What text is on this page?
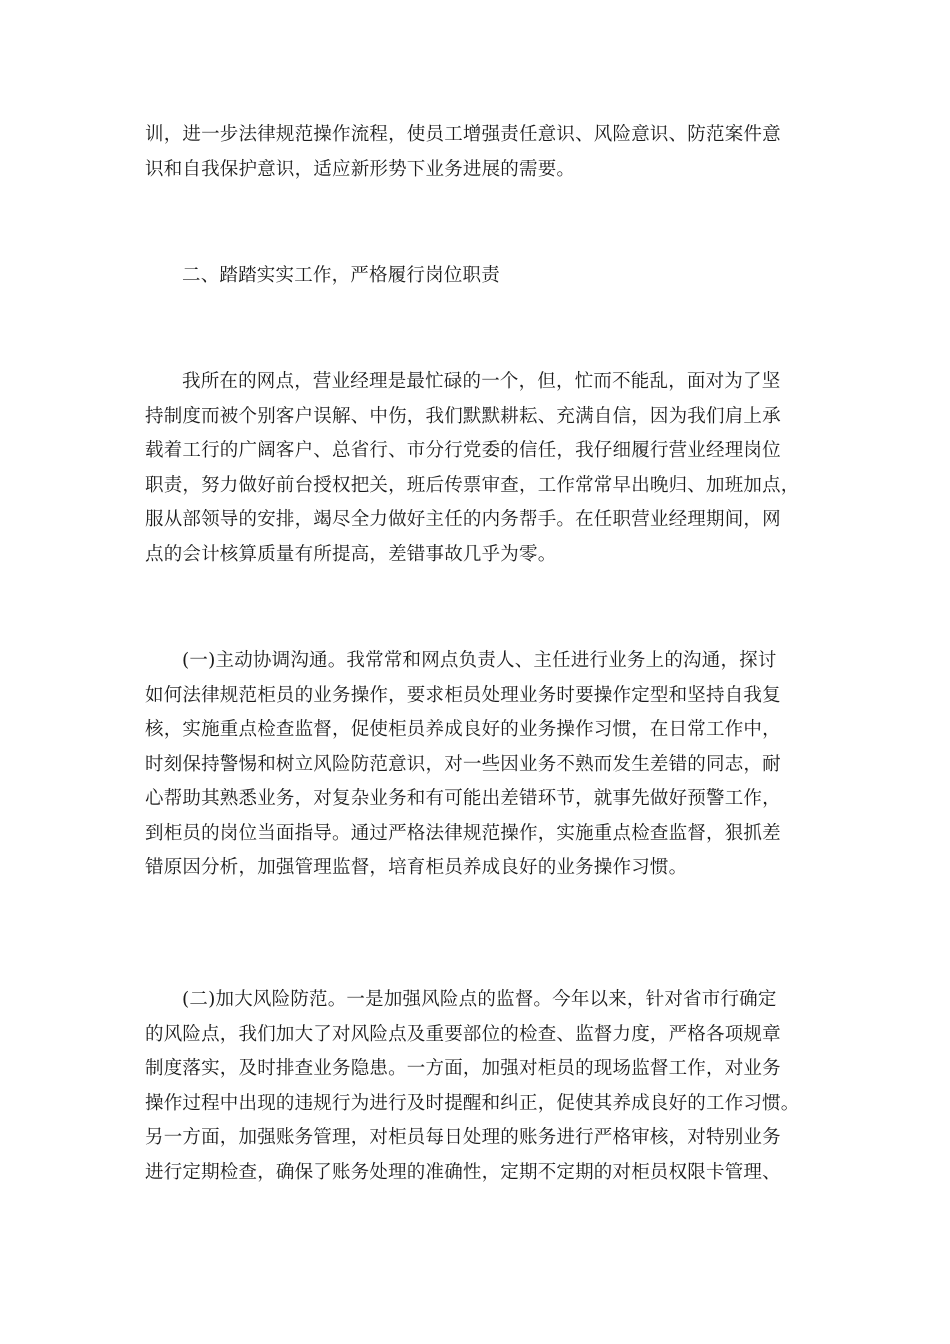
训，进一步法律规范操作流程，使员工增强责任意识、风险意识、防范案件意
识和自我保护意识，适应新形势下业务进展的需要。
二、踏踏实实工作，严格履行岗位职责
我所在的网点，营业经理是最忙碌的一个，但，忙而不能乱，面对为了坚
持制度而被个别客户误解、中伤，我们默默耕耘、充满自信，因为我们肩上承
载着工行的广阔客户、总省行、市分行党委的信任，我仔细履行营业经理岗位
职责，努力做好前台授权把关，班后传票审查，工作常常早出晚归、加班加点，
服从部领导的安排，竭尽全力做好主任的内务帮手。在任职营业经理期间，网
点的会计核算质量有所提高，差错事故几乎为零。
(一)主动协调沟通。我常常和网点负责人、主任进行业务上的沟通，探讨
如何法律规范柜员的业务操作，要求柜员处理业务时要操作定型和坚持自我复
核，实施重点检查监督，促使柜员养成良好的业务操作习惯，在日常工作中，
时刻保持警惕和树立风险防范意识，对一些因业务不熟而发生差错的同志，耐
心帮助其熟悉业务，对复杂业务和有可能出差错环节，就事先做好预警工作，
到柜员的岗位当面指导。通过严格法律规范操作，实施重点检查监督，狠抓差
错原因分析，加强管理监督，培育柜员养成良好的业务操作习惯。
(二)加大风险防范。一是加强风险点的监督。今年以来，针对省市行确定
的风险点，我们加大了对风险点及重要部位的检查、监督力度，严格各项规章
制度落实，及时排查业务隐患。一方面，加强对柜员的现场监督工作，对业务
操作过程中出现的违规行为进行及时提醒和纠正，促使其养成良好的工作习惯。
另一方面，加强账务管理，对柜员每日处理的账务进行严格审核，对特别业务
进行定期检查，确保了账务处理的准确性，定期不定期的对柜员权限卡管理、
